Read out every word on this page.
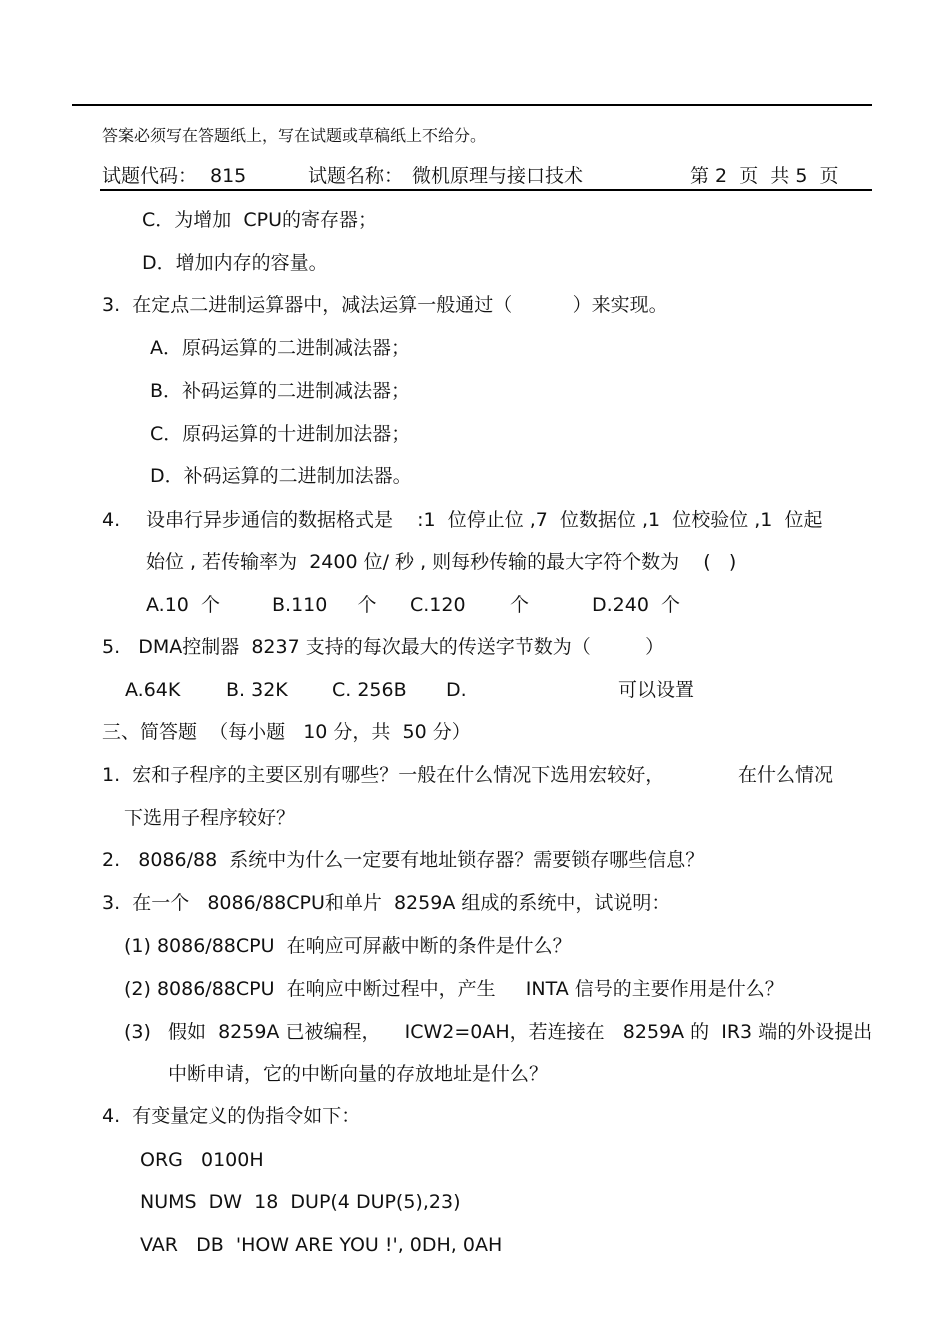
答案必须写在答题纸上，写在试题或草稿纸上不给分。
试题代码： 815	试题名称： 微机原理与接口技术	第 2  页  共 5  页
C．为增加  CPU的寄存器；
D．增加内存的容量。
3.  在定点二进制运算器中，减法运算一般通过（          ）来实现。
A．原码运算的二进制减法器；
B．补码运算的二进制减法器；
C．原码运算的十进制加法器；
D．补码运算的二进制加法器。
4. 设串行异步通信的数据格式是    :1  位停止位 ,7  位数据位 ,1  位校验位 ,1  位起
始位 , 若传输率为  2400 位/ 秒 , 则每秒传输的最大字符个数为    (   )
A.10  个	B.110     个 C.120 个	D.240  个
5.   DMA控制器  8237 支持的每次最大的传送字节数为（         ）
A.64K B. 32K C. 256B D.	可以设置
三、简答题  （每小题   10 分，共  50 分）
1.  宏和子程序的主要区别有哪些？一般在什么情况下选用宏较好，	在什么情况
下选用子程序较好？
2.   8086/88  系统中为什么一定要有地址锁存器？需要锁存哪些信息？
3.  在一个   8086/88CPU和单片  8259A 组成的系统中，试说明：
(1) 8086/88CPU  在响应可屏蔽中断的条件是什么？
(2) 8086/88CPU  在响应中断过程中，产生     INTA 信号的主要作用是什么？
(3) 假如  8259A 已被编程，    ICW2=0AH，若连接在   8259A 的  IR3 端的外设提出
中断申请，它的中断向量的存放地址是什么？
4.  有变量定义的伪指令如下：
ORG   0100H
NUMS  DW  18  DUP(4 DUP(5),23)
VAR   DB  'HOW ARE YOU !', 0DH, 0AH
